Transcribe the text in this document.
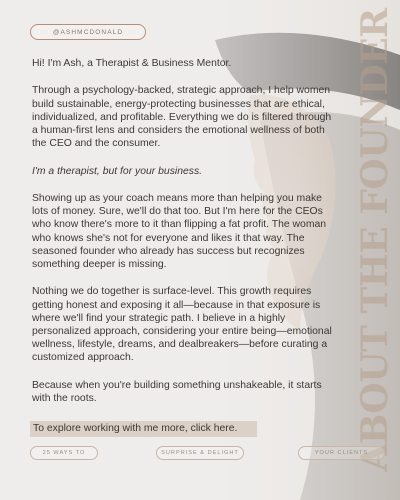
@ASHMCDONALD

Hi! I'm Ash, a Therapist & Business Mentor.

Through a psychology-backed, strategic approach, I help women build sustainable, energy-protecting businesses that are ethical, individualized, and profitable. Everything we do is filtered through a human-first lens and considers the emotional wellness of both the CEO and the consumer.

I'm a therapist, but for your business.

Showing up as your coach means more than helping you make lots of money. Sure, we'll do that too. But I'm here for the CEOs who know there's more to it than flipping a fat profit. The woman who knows she's not for everyone and likes it that way. The seasoned founder who already has success but recognizes something deeper is missing.

Nothing we do together is surface-level. This growth requires getting honest and exposing it all—because in that exposure is where we'll find your strategic path. I believe in a highly personalized approach, considering your entire being—emotional wellness, lifestyle, dreams, and dealbreakers—before curating a customized approach.

Because when you're building something unshakeable, it starts with the roots.

To explore working with me more, click here.	ABOUT THE FOUNDER
25 WAYS TO	SURPRISE & DELIGHT	YOUR CLIENTS
